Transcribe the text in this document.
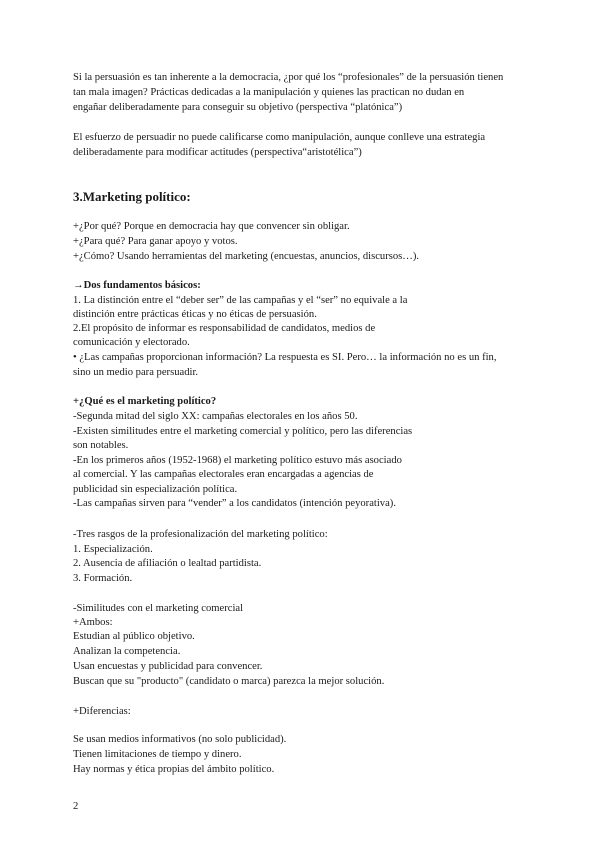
Si la persuasión es tan inherente a la democracia, ¿por qué los “profesionales” de la persuasión tienen
tan mala imagen? Prácticas dedicadas a la manipulación y quienes las practican no dudan en
engañar deliberadamente para conseguir su objetivo (perspectiva “platónica”)
El esfuerzo de persuadir no puede calificarse como manipulación, aunque conlleve una estrategia
deliberadamente para modificar actitudes (perspectiva“aristotélica”)
3.Marketing político:
+¿Por qué? Porque en democracia hay que convencer sin obligar.
+¿Para qué? Para ganar apoyo y votos.
+¿Cómo? Usando herramientas del marketing (encuestas, anuncios, discursos…).
→Dos fundamentos básicos:
1. La distinción entre el “deber ser” de las campañas y el “ser” no equivale a la
distinción entre prácticas éticas y no éticas de persuasión.
2.El propósito de informar es responsabilidad de candidatos, medios de
comunicación y electorado.
• ¿Las campañas proporcionan información? La respuesta es SI. Pero… la información no es un fin,
sino un medio para persuadir.
+¿Qué es el marketing político?
-Segunda mitad del siglo XX: campañas electorales en los años 50.
-Existen similitudes entre el marketing comercial y político, pero las diferencias
son notables.
-En los primeros años (1952-1968) el marketing político estuvo más asociado
al comercial. Y las campañas electorales eran encargadas a agencias de
publicidad sin especialización política.
-Las campañas sirven para “vender” a los candidatos (intención peyorativa).
-Tres rasgos de la profesionalización del marketing político:
1. Especialización.
2. Ausencia de afiliación o lealtad partidista.
3. Formación.
-Similitudes con el marketing comercial
+Ambos:
Estudian al público objetivo.
Analizan la competencia.
Usan encuestas y publicidad para convencer.
Buscan que su "producto" (candidato o marca) parezca la mejor solución.
+Diferencias:
Se usan medios informativos (no solo publicidad).
Tienen limitaciones de tiempo y dinero.
Hay normas y ética propias del ámbito político.
2
